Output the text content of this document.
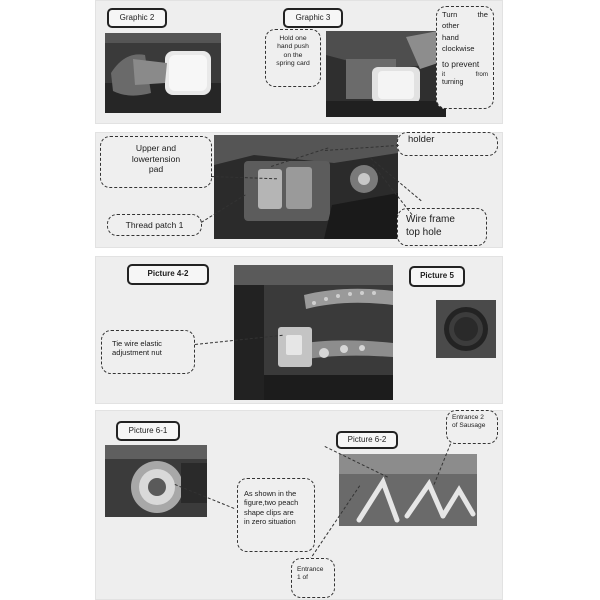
Graphic 2	Graphic 3
Hold one
hand push
on the
spring card
Turn	the
other
hand
clockwise
to prevent
it	from
turning
Upper and
lowertension
pad
holder
Thread patch 1	Wire frame
top hole
Picture 4-2	Picture 5
Tie wire elastic
adjustment nut
Picture 6-1
Picture 6-2
Entrance 2
of Sausage
As shown in the
figure,two peach
shape clips are
in zero situation
Entrance
1 of
